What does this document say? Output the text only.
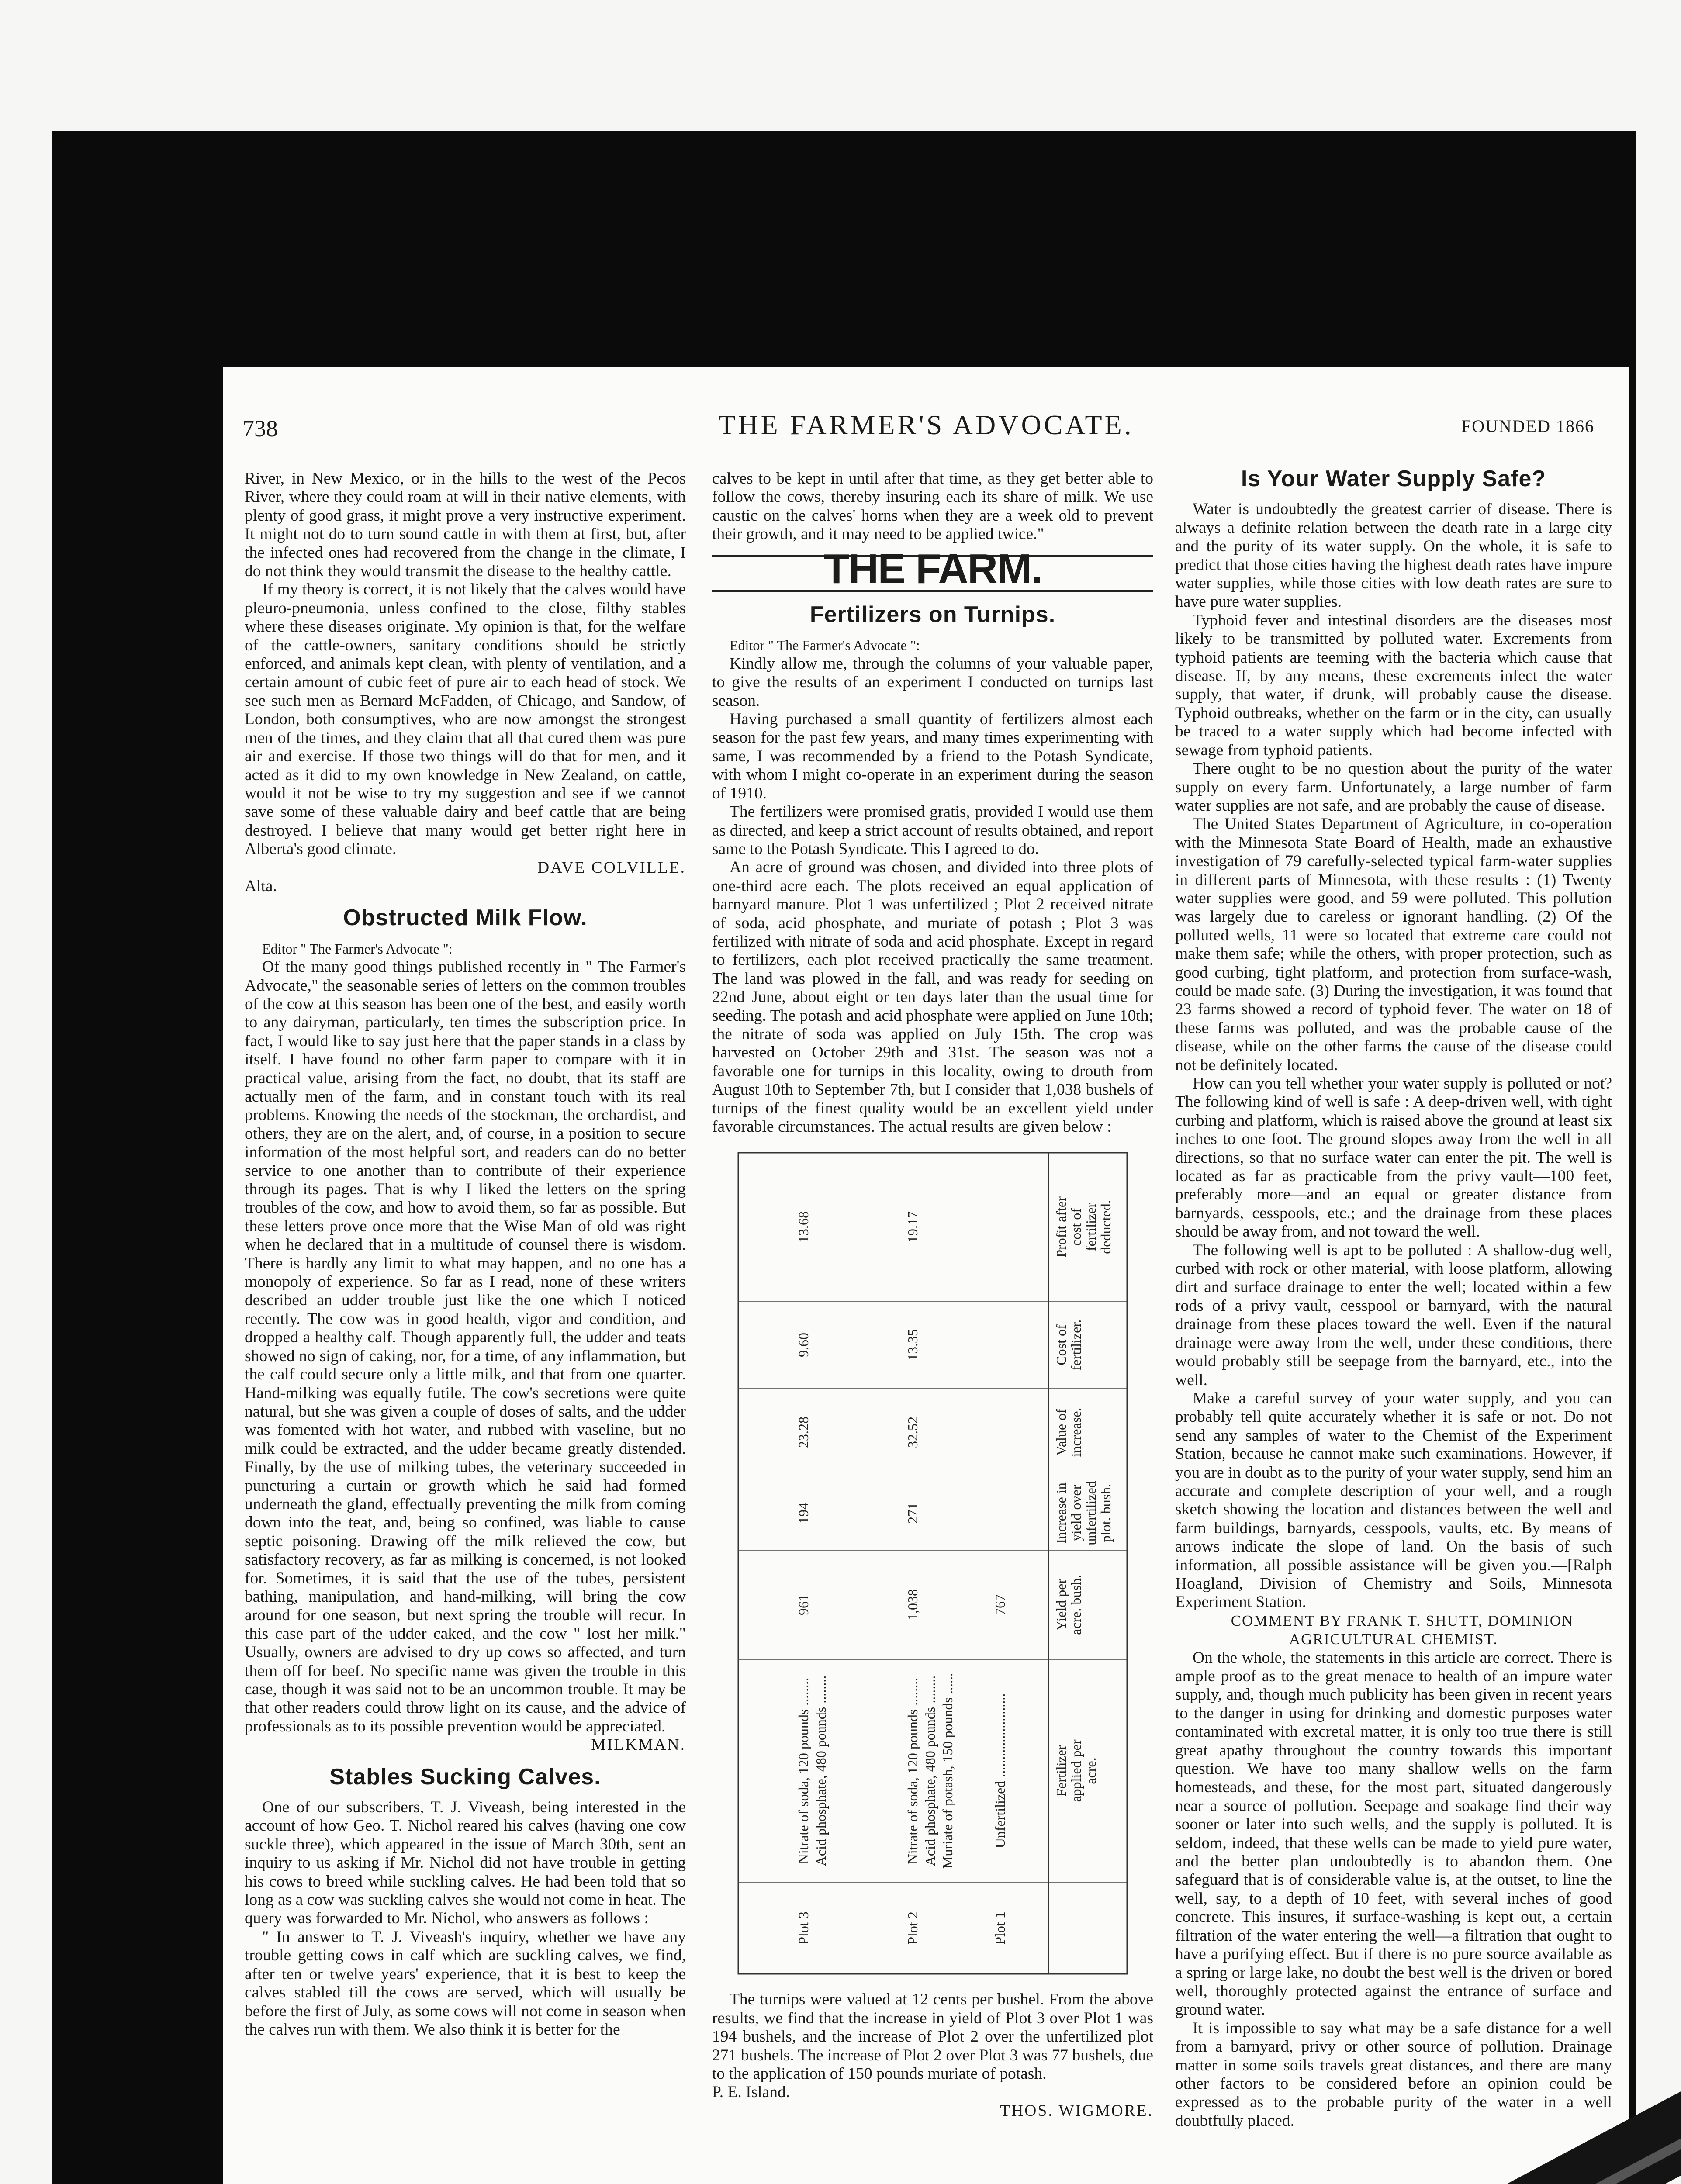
738	THE FARMER'S ADVOCATE.	FOUNDED 1866

River, in New Mexico, or in the hills to the west of the Pecos River, where they could roam at will in their native elements, with plenty of good grass, it might prove a very instructive experiment. It might not do to turn sound cattle in with them at first, but, after the infected ones had recovered from the change in the climate, I do not think they would transmit the disease to the healthy cattle.

If my theory is correct, it is not likely that the calves would have pleuro-pneumonia, unless confined to the close, filthy stables where these diseases originate. My opinion is that, for the welfare of the cattle-owners, sanitary conditions should be strictly enforced, and animals kept clean, with plenty of ventilation, and a certain amount of cubic feet of pure air to each head of stock. We see such men as Bernard McFadden, of Chicago, and Sandow, of London, both consumptives, who are now amongst the strongest men of the times, and they claim that all that cured them was pure air and exercise. If those two things will do that for men, and it acted as it did to my own knowledge in New Zealand, on cattle, would it not be wise to try my suggestion and see if we cannot save some of these valuable dairy and beef cattle that are being destroyed. I believe that many would get better right here in Alberta's good climate.

DAVE COLVILLE.

Alta.

Obstructed Milk Flow.

Editor " The Farmer's Advocate ":

Of the many good things published recently in " The Farmer's Advocate," the seasonable series of letters on the common troubles of the cow at this season has been one of the best, and easily worth to any dairyman, particularly, ten times the subscription price. In fact, I would like to say just here that the paper stands in a class by itself. I have found no other farm paper to compare with it in practical value, arising from the fact, no doubt, that its staff are actually men of the farm, and in constant touch with its real problems. Knowing the needs of the stockman, the orchardist, and others, they are on the alert, and, of course, in a position to secure information of the most helpful sort, and readers can do no better service to one another than to contribute of their experience through its pages. That is why I liked the letters on the spring troubles of the cow, and how to avoid them, so far as possible. But these letters prove once more that the Wise Man of old was right when he declared that in a multitude of counsel there is wisdom. There is hardly any limit to what may happen, and no one has a monopoly of experience. So far as I read, none of these writers described an udder trouble just like the one which I noticed recently. The cow was in good health, vigor and condition, and dropped a healthy calf. Though apparently full, the udder and teats showed no sign of caking, nor, for a time, of any inflammation, but the calf could secure only a little milk, and that from one quarter. Hand-milking was equally futile. The cow's secretions were quite natural, but she was given a couple of doses of salts, and the udder was fomented with hot water, and rubbed with vaseline, but no milk could be extracted, and the udder became greatly distended. Finally, by the use of milking tubes, the veterinary succeeded in puncturing a curtain or growth which he said had formed underneath the gland, effectually preventing the milk from coming down into the teat, and, being so confined, was liable to cause septic poisoning. Drawing off the milk relieved the cow, but satisfactory recovery, as far as milking is concerned, is not looked for. Sometimes, it is said that the use of the tubes, persistent bathing, manipulation, and hand-milking, will bring the cow around for one season, but next spring the trouble will recur. In this case part of the udder caked, and the cow " lost her milk." Usually, owners are advised to dry up cows so affected, and turn them off for beef. No specific name was given the trouble in this case, though it was said not to be an uncommon trouble. It may be that other readers could throw light on its cause, and the advice of professionals as to its possible prevention would be appreciated.

MILKMAN.

Stables Sucking Calves.

One of our subscribers, T. J. Viveash, being interested in the account of how Geo. T. Nichol reared his calves (having one cow suckle three), which appeared in the issue of March 30th, sent an inquiry to us asking if Mr. Nichol did not have trouble in getting his cows to breed while suckling calves. He had been told that so long as a cow was suckling calves she would not come in heat. The query was forwarded to Mr. Nichol, who answers as follows :

" In answer to T. J. Viveash's inquiry, whether we have any trouble getting cows in calf which are suckling calves, we find, after ten or twelve years' experience, that it is best to keep the calves stabled till the cows are served, which will usually be before the first of July, as some cows will not come in season when the calves run with them. We also think it is better for the

calves to be kept in until after that time, as they get better able to follow the cows, thereby insuring each its share of milk. We use caustic on the calves' horns when they are a week old to prevent their growth, and it may need to be applied twice."

THE FARM.
Fertilizers on Turnips.

Editor " The Farmer's Advocate ":

Kindly allow me, through the columns of your valuable paper, to give the results of an experiment I conducted on turnips last season.

Having purchased a small quantity of fertilizers almost each season for the past few years, and many times experimenting with same, I was recommended by a friend to the Potash Syndicate, with whom I might co-operate in an experiment during the season of 1910.

The fertilizers were promised gratis, provided I would use them as directed, and keep a strict account of results obtained, and report same to the Potash Syndicate. This I agreed to do.

An acre of ground was chosen, and divided into three plots of one-third acre each. The plots received an equal application of barnyard manure. Plot 1 was unfertilized ; Plot 2 received nitrate of soda, acid phosphate, and muriate of potash ; Plot 3 was fertilized with nitrate of soda and acid phosphate. Except in regard to fertilizers, each plot received practically the same treatment. The land was plowed in the fall, and was ready for seeding on 22nd June, about eight or ten days later than the usual time for seeding. The potash and acid phosphate were applied on June 10th; the nitrate of soda was applied on July 15th. The crop was harvested on October 29th and 31st. The season was not a favorable one for turnips in this locality, owing to drouth from August 10th to September 7th, but I consider that 1,038 bushels of turnips of the finest quality would be an excellent yield under favorable circumstances. The actual results are given below :

Fertilizer
applied per
acre.
Yield per
acre. bush.
Increase in
yield over
unfertilized
plot. bush.
Value of
increase.
Cost of
fertilizer.
Profit after
cost of
fertilizer
deducted.
Plot 1
Unfertilized ........................
767
Plot 2
Nitrate of soda, 120 pounds ........ Acid phosphate, 480 pounds ........ Muriate of potash, 150 pounds ......
1,038
271
32.52
13.35
19.17
Plot 3
Nitrate of soda, 120 pounds ........ Acid phosphate, 480 pounds ........
961
194
23.28
9.60
13.68

The turnips were valued at 12 cents per bushel. From the above results, we find that the increase in yield of Plot 3 over Plot 1 was 194 bushels, and the increase of Plot 2 over the unfertilized plot 271 bushels. The increase of Plot 2 over Plot 3 was 77 bushels, due to the application of 150 pounds muriate of potash.

P. E. Island.

THOS. WIGMORE.

Is Your Water Supply Safe?

Water is undoubtedly the greatest carrier of disease. There is always a definite relation between the death rate in a large city and the purity of its water supply. On the whole, it is safe to predict that those cities having the highest death rates have impure water supplies, while those cities with low death rates are sure to have pure water supplies.

Typhoid fever and intestinal disorders are the diseases most likely to be transmitted by polluted water. Excrements from typhoid patients are teeming with the bacteria which cause that disease. If, by any means, these excrements infect the water supply, that water, if drunk, will probably cause the disease. Typhoid outbreaks, whether on the farm or in the city, can usually be traced to a water supply which had become infected with sewage from typhoid patients.

There ought to be no question about the purity of the water supply on every farm. Unfortunately, a large number of farm water supplies are not safe, and are probably the cause of disease.

The United States Department of Agriculture, in co-operation with the Minnesota State Board of Health, made an exhaustive investigation of 79 carefully-selected typical farm-water supplies in different parts of Minnesota, with these results : (1) Twenty water supplies were good, and 59 were polluted. This pollution was largely due to careless or ignorant handling. (2) Of the polluted wells, 11 were so located that extreme care could not make them safe; while the others, with proper protection, such as good curbing, tight platform, and protection from surface-wash, could be made safe. (3) During the investigation, it was found that 23 farms showed a record of typhoid fever. The water on 18 of these farms was polluted, and was the probable cause of the disease, while on the other farms the cause of the disease could not be definitely located.

How can you tell whether your water supply is polluted or not? The following kind of well is safe : A deep-driven well, with tight curbing and platform, which is raised above the ground at least six inches to one foot. The ground slopes away from the well in all directions, so that no surface water can enter the pit. The well is located as far as practicable from the privy vault—100 feet, preferably more—and an equal or greater distance from barnyards, cesspools, etc.; and the drainage from these places should be away from, and not toward the well.

The following well is apt to be polluted : A shallow-dug well, curbed with rock or other material, with loose platform, allowing dirt and surface drainage to enter the well; located within a few rods of a privy vault, cesspool or barnyard, with the natural drainage from these places toward the well. Even if the natural drainage were away from the well, under these conditions, there would probably still be seepage from the barnyard, etc., into the well.

Make a careful survey of your water supply, and you can probably tell quite accurately whether it is safe or not. Do not send any samples of water to the Chemist of the Experiment Station, because he cannot make such examinations. However, if you are in doubt as to the purity of your water supply, send him an accurate and complete description of your well, and a rough sketch showing the location and distances between the well and farm buildings, barnyards, cesspools, vaults, etc. By means of arrows indicate the slope of land. On the basis of such information, all possible assistance will be given you.—[Ralph Hoagland, Division of Chemistry and Soils, Minnesota Experiment Station.

COMMENT BY FRANK T. SHUTT, DOMINION AGRICULTURAL CHEMIST.

On the whole, the statements in this article are correct. There is ample proof as to the great menace to health of an impure water supply, and, though much publicity has been given in recent years to the danger in using for drinking and domestic purposes water contaminated with excretal matter, it is only too true there is still great apathy throughout the country towards this important question. We have too many shallow wells on the farm homesteads, and these, for the most part, situated dangerously near a source of pollution. Seepage and soakage find their way sooner or later into such wells, and the supply is polluted. It is seldom, indeed, that these wells can be made to yield pure water, and the better plan undoubtedly is to abandon them. One safeguard that is of considerable value is, at the outset, to line the well, say, to a depth of 10 feet, with several inches of good concrete. This insures, if surface-washing is kept out, a certain filtration of the water entering the well—a filtration that ought to have a purifying effect. But if there is no pure source available as a spring or large lake, no doubt the best well is the driven or bored well, thoroughly protected against the entrance of surface and ground water.

It is impossible to say what may be a safe distance for a well from a barnyard, privy or other source of pollution. Drainage matter in some soils travels great distances, and there are many other factors to be considered before an opinion could be expressed as to the probable purity of the water in a well doubtfully placed.
